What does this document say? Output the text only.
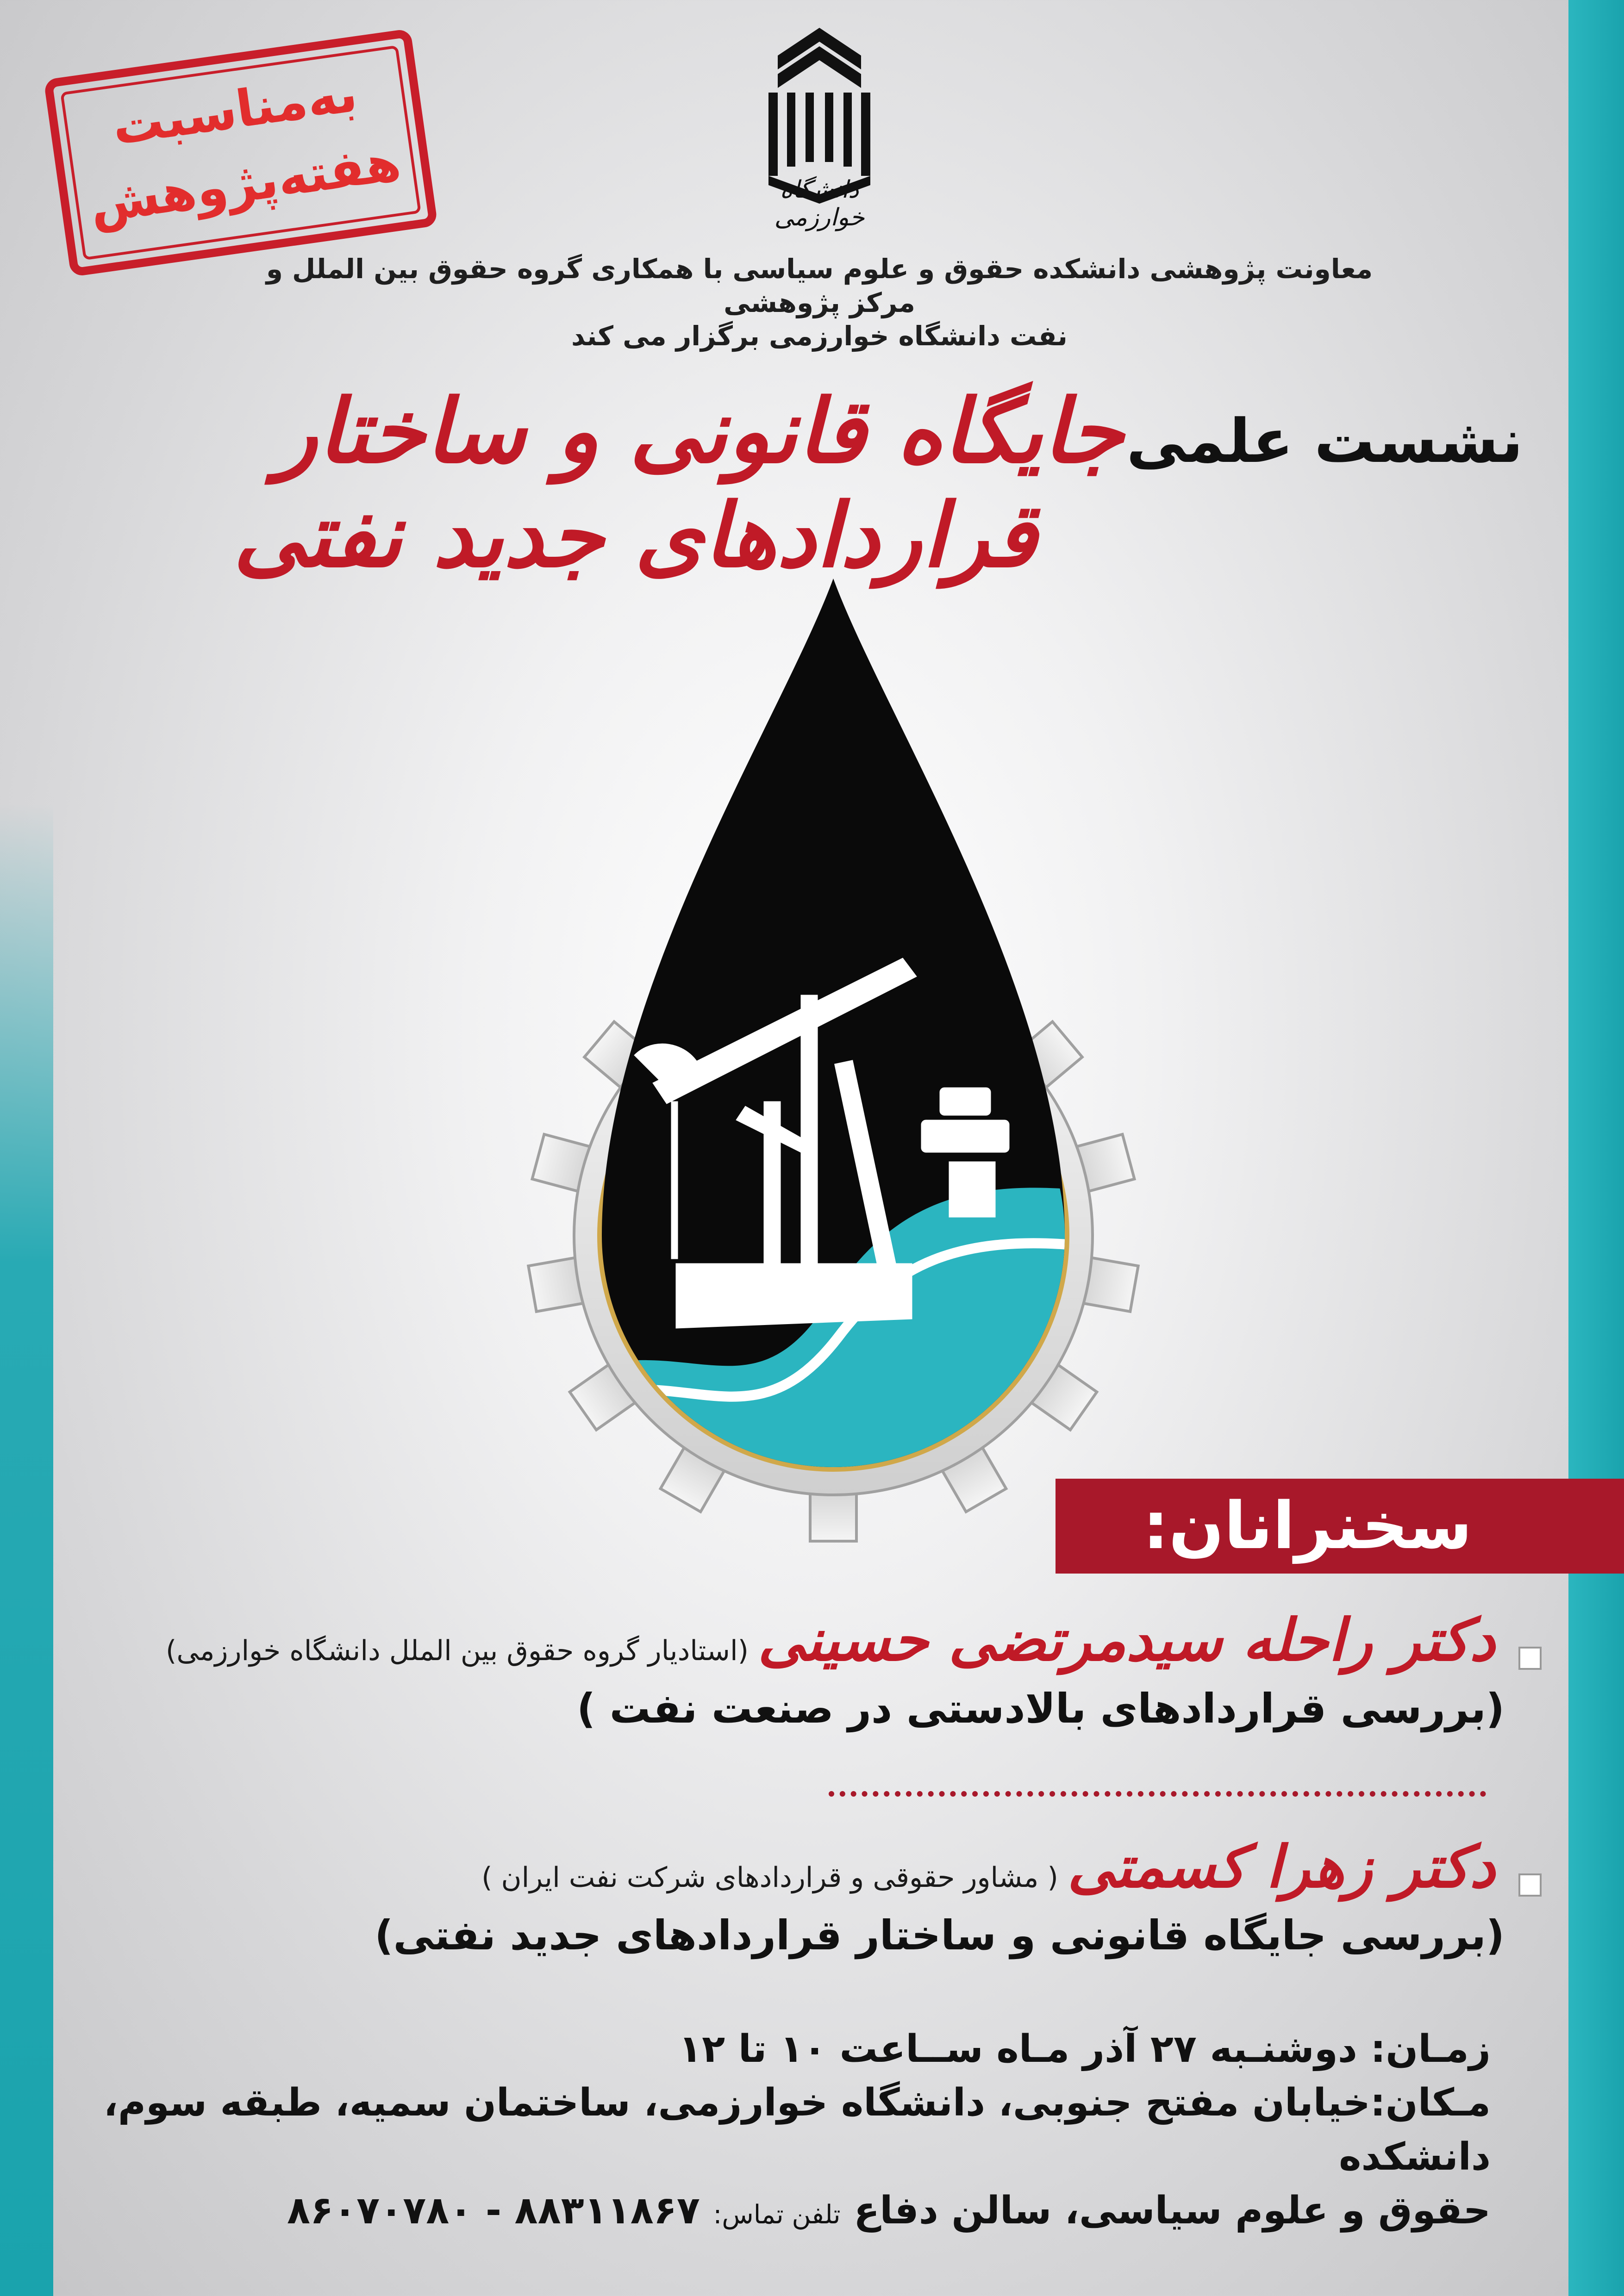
دانشگاه خوارزمی
به‌مناسبت
هفته‌پژوهش
معاونت پژوهشی دانشکده حقوق و علوم سیاسی با همکاری گروه حقوق بین الملل و مرکز پژوهشی
نفت دانشگاه خوارزمی برگزار می کند
نشست علمی جایگاه قانونی و ساختار
قراردادهای جدید نفتی
سخنرانان:
دکتر راحله سیدمرتضی حسینی(استادیار گروه حقوق بین الملل دانشگاه خوارزمی)
(بررسی قراردادهای بالادستی در صنعت نفت )
دکتر زهرا کسمتی( مشاور حقوقی و قراردادهای شرکت نفت ایران )
(بررسی جایگاه قانونی و ساختار قراردادهای جدید نفتی)
زمـان: دوشنـبه ۲۷ آذر مـاه ســاعت ۱۰ تا ۱۲
مـکان:خیابان مفتح جنوبی، دانشگاه خوارزمی، ساختمان سمیه، طبقه سوم، دانشکده
حقوق و علوم سیاسی، سالن دفاع تلفن تماس: ۸۸۳۱۱۸۶۷ - ۸۶۰۷۰۷۸۰
